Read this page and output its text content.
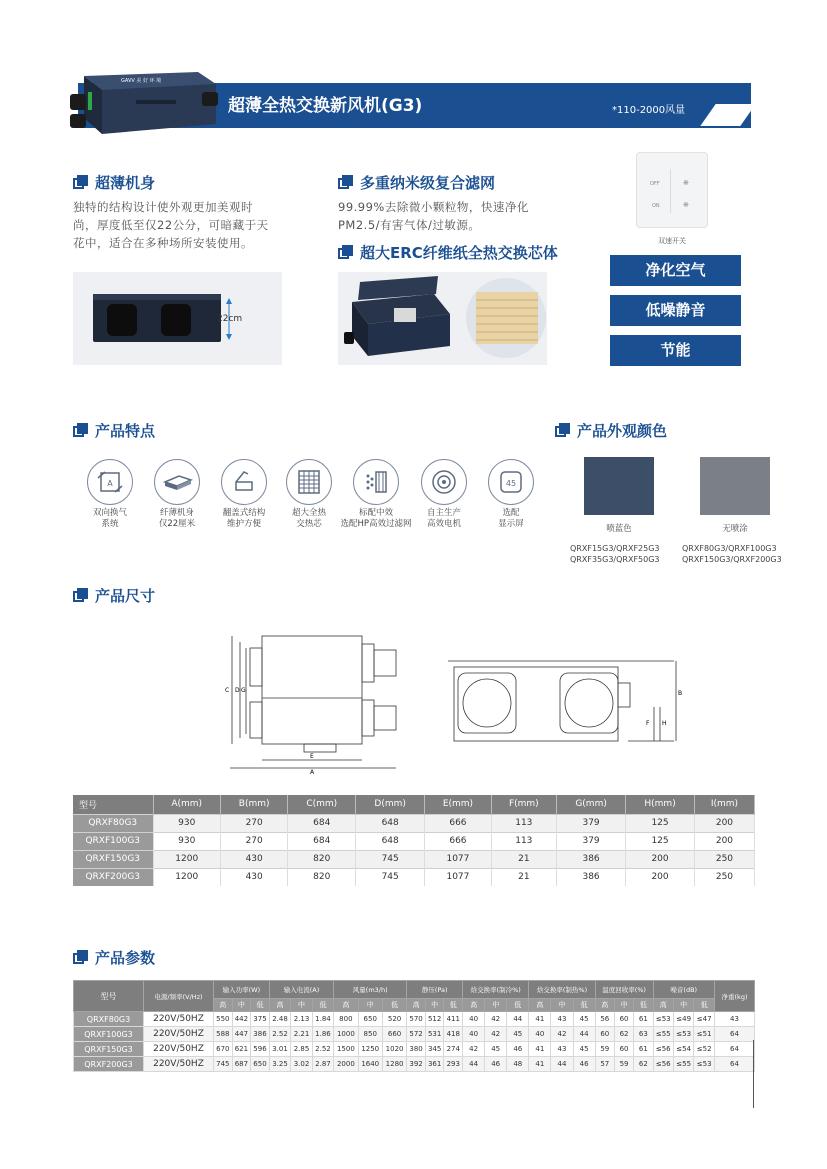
GAVV 美 好 环 境
超薄全热交换新风机(G3)	*110-2000风量
超薄机身
独特的结构设计使外观更加美观时
尚，厚度低至仅22公分，可暗藏于天
花中，适合在多种场所安装使用。
22cm
多重纳米级复合滤网
99.99%去除微小颗粒物，快速净化
PM2.5/有害气体/过敏源。
超大ERC纤维纸全热交换芯体
OFF
ON
❋
❋
双速开关
净化空气
低噪静音
节能
产品特点
A
双向换气
系统
纤薄机身
仅22厘米
翻盖式结构
维护方便
超大全热
交热芯
标配中效
选配HP高效过滤网
自主生产
高效电机
45
选配
显示屏
产品外观颜色
喷蓝色
QRXF15G3/QRXF25G3
QRXF35G3/QRXF50G3
无喷涂
QRXF80G3/QRXF100G3
QRXF150G3/QRXF200G3
产品尺寸
C D G
E
A
B
F H
型号	A(mm)	B(mm)	C(mm)	D(mm)	E(mm)	F(mm)	G(mm)	H(mm)	I(mm)
QRXF80G3	930	270	684	648	666	113	379	125	200
QRXF100G3	930	270	684	648	666	113	379	125	200
QRXF150G3	1200	430	820	745	1077	21	386	200	250
QRXF200G3	1200	430	820	745	1077	21	386	200	250
产品参数
型号	电源/频率(V/Hz)	输入功率(W)			输入电流(A)			风量(m3/h)			静压(Pa)			焓交换率(制冷%)			焓交换率(制热%)			温度回收率(%)			噪音(dB)			净重(kg)
		高	中	低	高	中	低	高	中	低	高	中	低	高	中	低	高	中	低	高	中	低	高	中	低	
QRXF80G3	220V/50HZ	550	442	375	2.48	2.13	1.84	800	650	520	570	512	411	40	42	44	41	43	45	56	60	61	≤53	≤49	≤47	43
QRXF100G3	220V/50HZ	588	447	386	2.52	2.21	1.86	1000	850	660	572	531	418	40	42	45	40	42	44	60	62	63	≤55	≤53	≤51	64
QRXF150G3	220V/50HZ	670	621	596	3.01	2.85	2.52	1500	1250	1020	380	345	274	42	45	46	41	43	45	59	60	61	≤56	≤54	≤52	64
QRXF200G3	220V/50HZ	745	687	650	3.25	3.02	2.87	2000	1640	1280	392	361	293	44	46	48	41	44	46	57	59	62	≤56	≤55	≤53	64
